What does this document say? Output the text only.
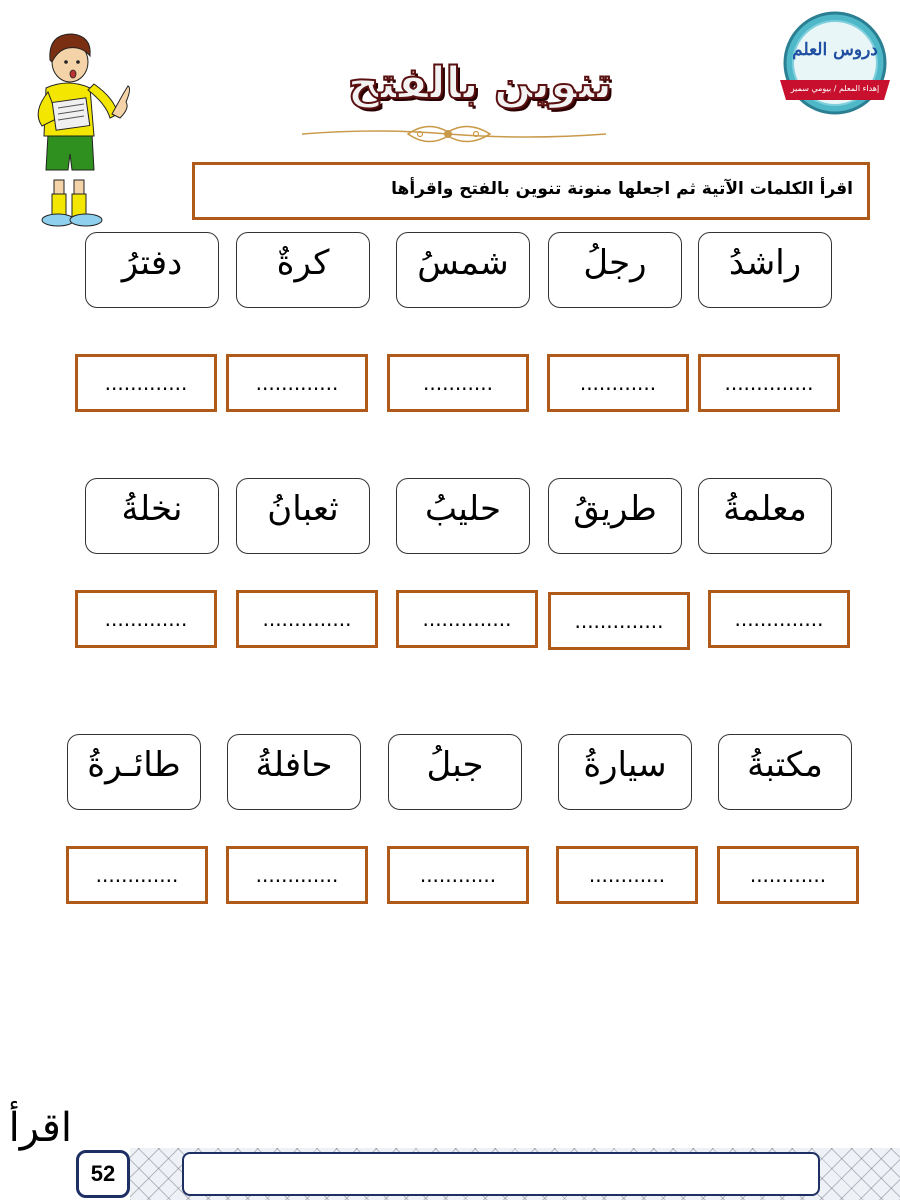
دروس العلم
إهداء المعلم / بيومي سمير
تنوين بالفتح
اقرأ الكلمات الآتية ثم اجعلها منونة تنوين بالفتح واقرأها
راشدُ
رجلُ
شمسُ
كرةٌ
دفترُ
..............
............
...........
.............
.............
معلمةُ
طريقُ
حليبُ
ثعبانُ
نخلةُ
..............
..............
..............
..............
.............
مكتبةُ
سيارةُ
جبلُ
حافلةُ
طائـرةُ
............
............
............
.............
.............
52
اقرأ
